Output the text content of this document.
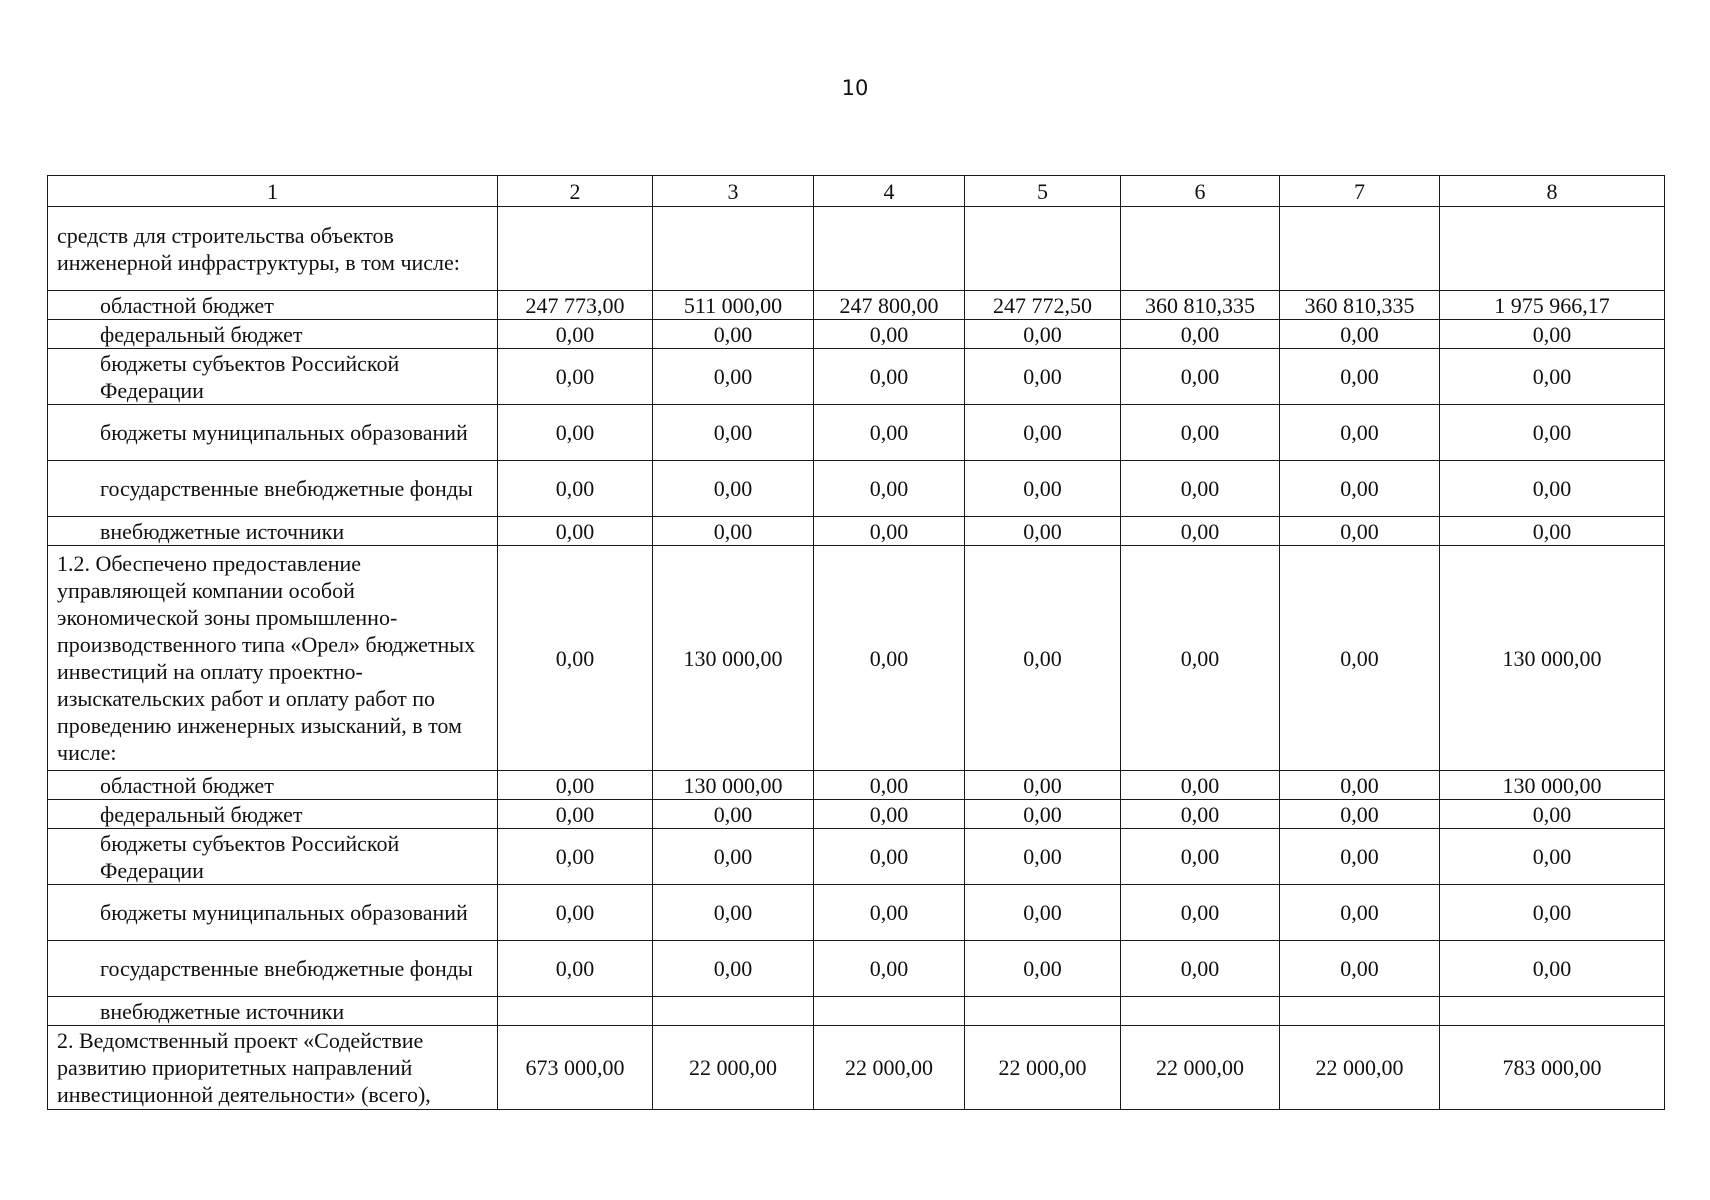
10
1	2	3	4	5	6	7	8
средств для строительства объектов инженерной инфраструктуры, в том числе:							
областной бюджет	247 773,00	511 000,00	247 800,00	247 772,50	360 810,335	360 810,335	1 975 966,17
федеральный бюджет	0,00	0,00	0,00	0,00	0,00	0,00	0,00
бюджеты субъектов Российской Федерации	0,00	0,00	0,00	0,00	0,00	0,00	0,00
бюджеты муниципальных образований	0,00	0,00	0,00	0,00	0,00	0,00	0,00
государственные внебюджетные фонды	0,00	0,00	0,00	0,00	0,00	0,00	0,00
внебюджетные источники	0,00	0,00	0,00	0,00	0,00	0,00	0,00
1.2. Обеспечено предоставление управляющей компании особой экономической зоны промышленно-производственного типа «Орел» бюджетных инвестиций на оплату проектно-изыскательских работ и оплату работ по проведению инженерных изысканий, в том числе:	0,00	130 000,00	0,00	0,00	0,00	0,00	130 000,00
областной бюджет	0,00	130 000,00	0,00	0,00	0,00	0,00	130 000,00
федеральный бюджет	0,00	0,00	0,00	0,00	0,00	0,00	0,00
бюджеты субъектов Российской Федерации	0,00	0,00	0,00	0,00	0,00	0,00	0,00
бюджеты муниципальных образований	0,00	0,00	0,00	0,00	0,00	0,00	0,00
государственные внебюджетные фонды	0,00	0,00	0,00	0,00	0,00	0,00	0,00
внебюджетные источники							
2. Ведомственный проект «Содействие развитию приоритетных направлений инвестиционной деятельности» (всего),	673 000,00	22 000,00	22 000,00	22 000,00	22 000,00	22 000,00	783 000,00
